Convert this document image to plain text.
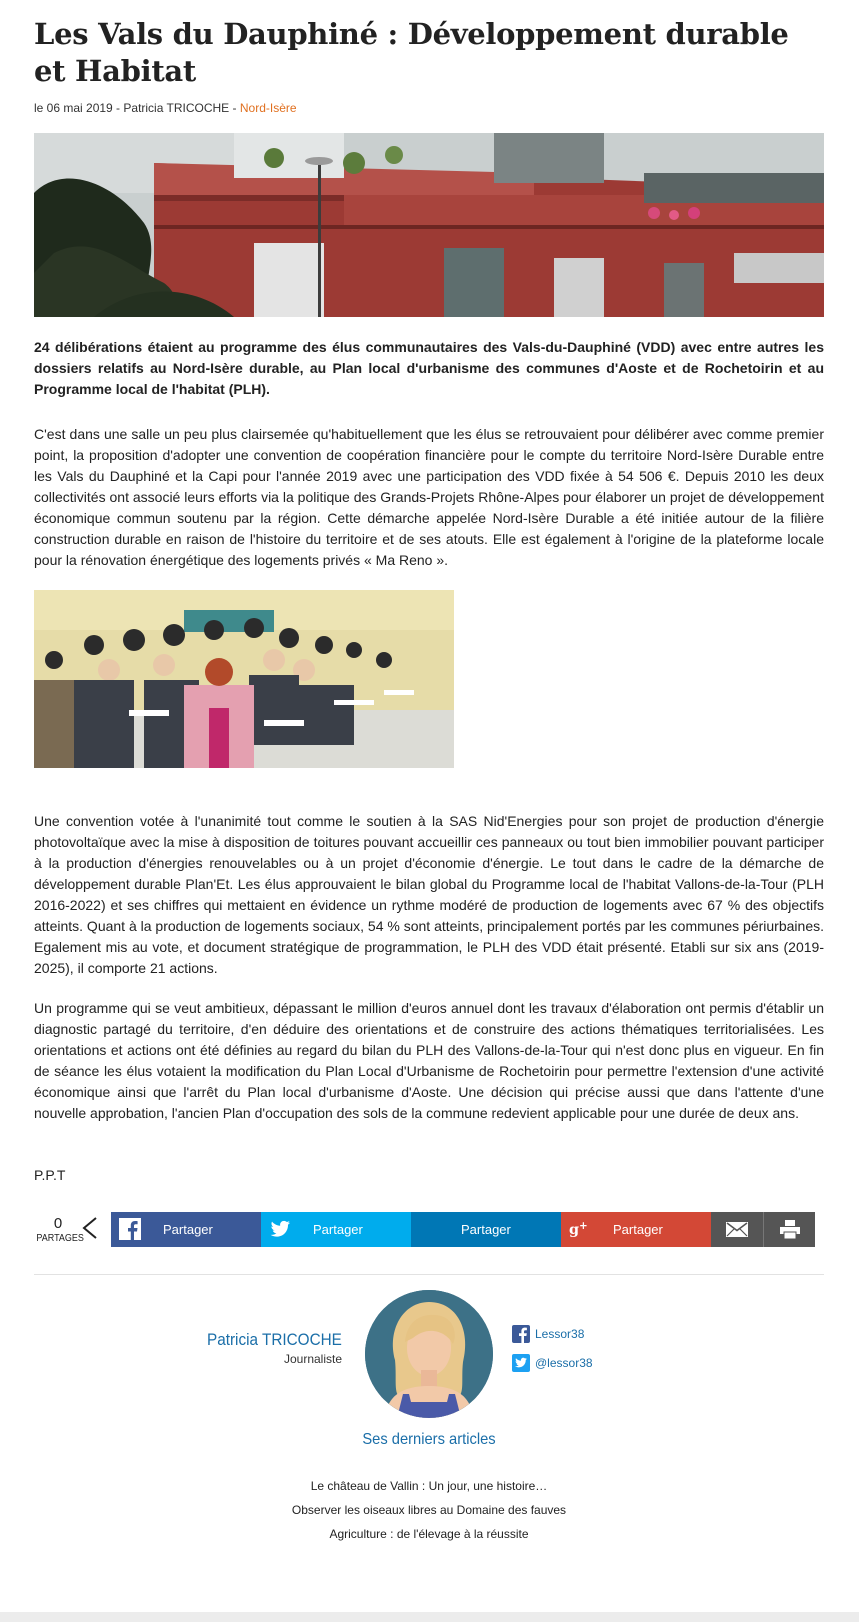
Les Vals du Dauphiné : Développement durable et Habitat
le 06 mai 2019 - Patricia TRICOCHE - Nord-Isère

24 délibérations étaient au programme des élus communautaires des Vals-du-Dauphiné (VDD) avec entre autres les dossiers relatifs au Nord-Isère durable, au Plan local d'urbanisme des communes d'Aoste et de Rochetoirin et au Programme local de l'habitat (PLH).

C'est dans une salle un peu plus clairsemée qu'habituellement que les élus se retrouvaient pour délibérer avec comme premier point, la proposition d'adopter une convention de coopération financière pour le compte du territoire Nord-Isère Durable entre les Vals du Dauphiné et la Capi pour l'année 2019 avec une participation des VDD fixée à 54 506 €. Depuis 2010 les deux collectivités ont associé leurs efforts via la politique des Grands-Projets Rhône-Alpes pour élaborer un projet de développement économique commun soutenu par la région. Cette démarche appelée Nord-Isère Durable a été initiée autour de la filière construction durable en raison de l'histoire du territoire et de ses atouts. Elle est également à l'origine de la plateforme locale pour la rénovation énergétique des logements privés « Ma Reno ».

Une convention votée à l'unanimité tout comme le soutien à la SAS Nid'Energies pour son projet de production d'énergie photovoltaïque avec la mise à disposition de toitures pouvant accueillir ces panneaux ou tout bien immobilier pouvant participer à la production d'énergies renouvelables ou à un projet d'économie d'énergie. Le tout dans le cadre de la démarche de développement durable Plan'Et. Les élus approuvaient le bilan global du Programme local de l'habitat Vallons-de-la-Tour (PLH 2016-2022) et ses chiffres qui mettaient en évidence un rythme modéré de production de logements avec 67 % des objectifs atteints. Quant à la production de logements sociaux, 54 % sont atteints, principalement portés par les communes périurbaines. Egalement mis au vote, et document stratégique de programmation, le PLH des VDD était présenté. Etabli sur six ans (2019-2025), il comporte 21 actions.

Un programme qui se veut ambitieux, dépassant le million d'euros annuel dont les travaux d'élaboration ont permis d'établir un diagnostic partagé du territoire, d'en déduire des orientations et de construire des actions thématiques territorialisées. Les orientations et actions ont été définies au regard du bilan du PLH des Vallons-de-la-Tour qui n'est donc plus en vigueur. En fin de séance les élus votaient la modification du Plan Local d'Urbanisme de Rochetoirin pour permettre l'extension d'une activité économique ainsi que l'arrêt du Plan local d'urbanisme d'Aoste. Une décision qui précise aussi que dans l'attente d'une nouvelle approbation, l'ancien Plan d'occupation des sols de la commune redevient applicable pour une durée de deux ans.

P.P.T

0
PARTAGES
Partager	Partager	Partager	g + Partager
Patricia TRICOCHE
Journaliste
Lessor38
@lessor38
Ses derniers articles
Le château de Vallin : Un jour, une histoire…
Observer les oiseaux libres au Domaine des fauves
Agriculture : de l'élevage à la réussite
